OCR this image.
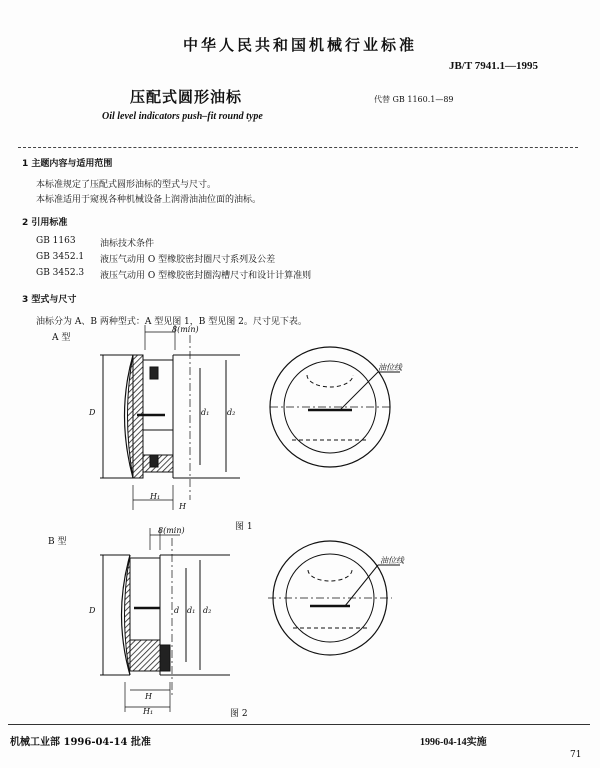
中华人民共和国机械行业标准
JB/T 7941.1—1995
压配式圆形油标	代替 GB 1160.1—89
Oil level indicators push–fit round type
1 主题内容与适用范围
本标准规定了压配式圆形油标的型式与尺寸。
本标准适用于窥视各种机械设备上润滑油油位面的油标。
2 引用标准
GB 1163	油标技术条件
GB 3452.1 液压气动用 O 型橡胶密封圈尺寸系列及公差
GB 3452.3 液压气动用 O 型橡胶密封圈沟槽尺寸和设计计算准则
3 型式与尺寸
油标分为 A、B 两种型式：A 型见图 1，B 型见图 2。尺寸见下表。
A 型
8(min)
D	d₁ d₂
H
H₁
油位线
图 1
B 型
8(min)
D	d d₁ d₂
H
H₁
油位线
图 2
机械工业部 1996-04-14 批准	1996-04-14实施
71
